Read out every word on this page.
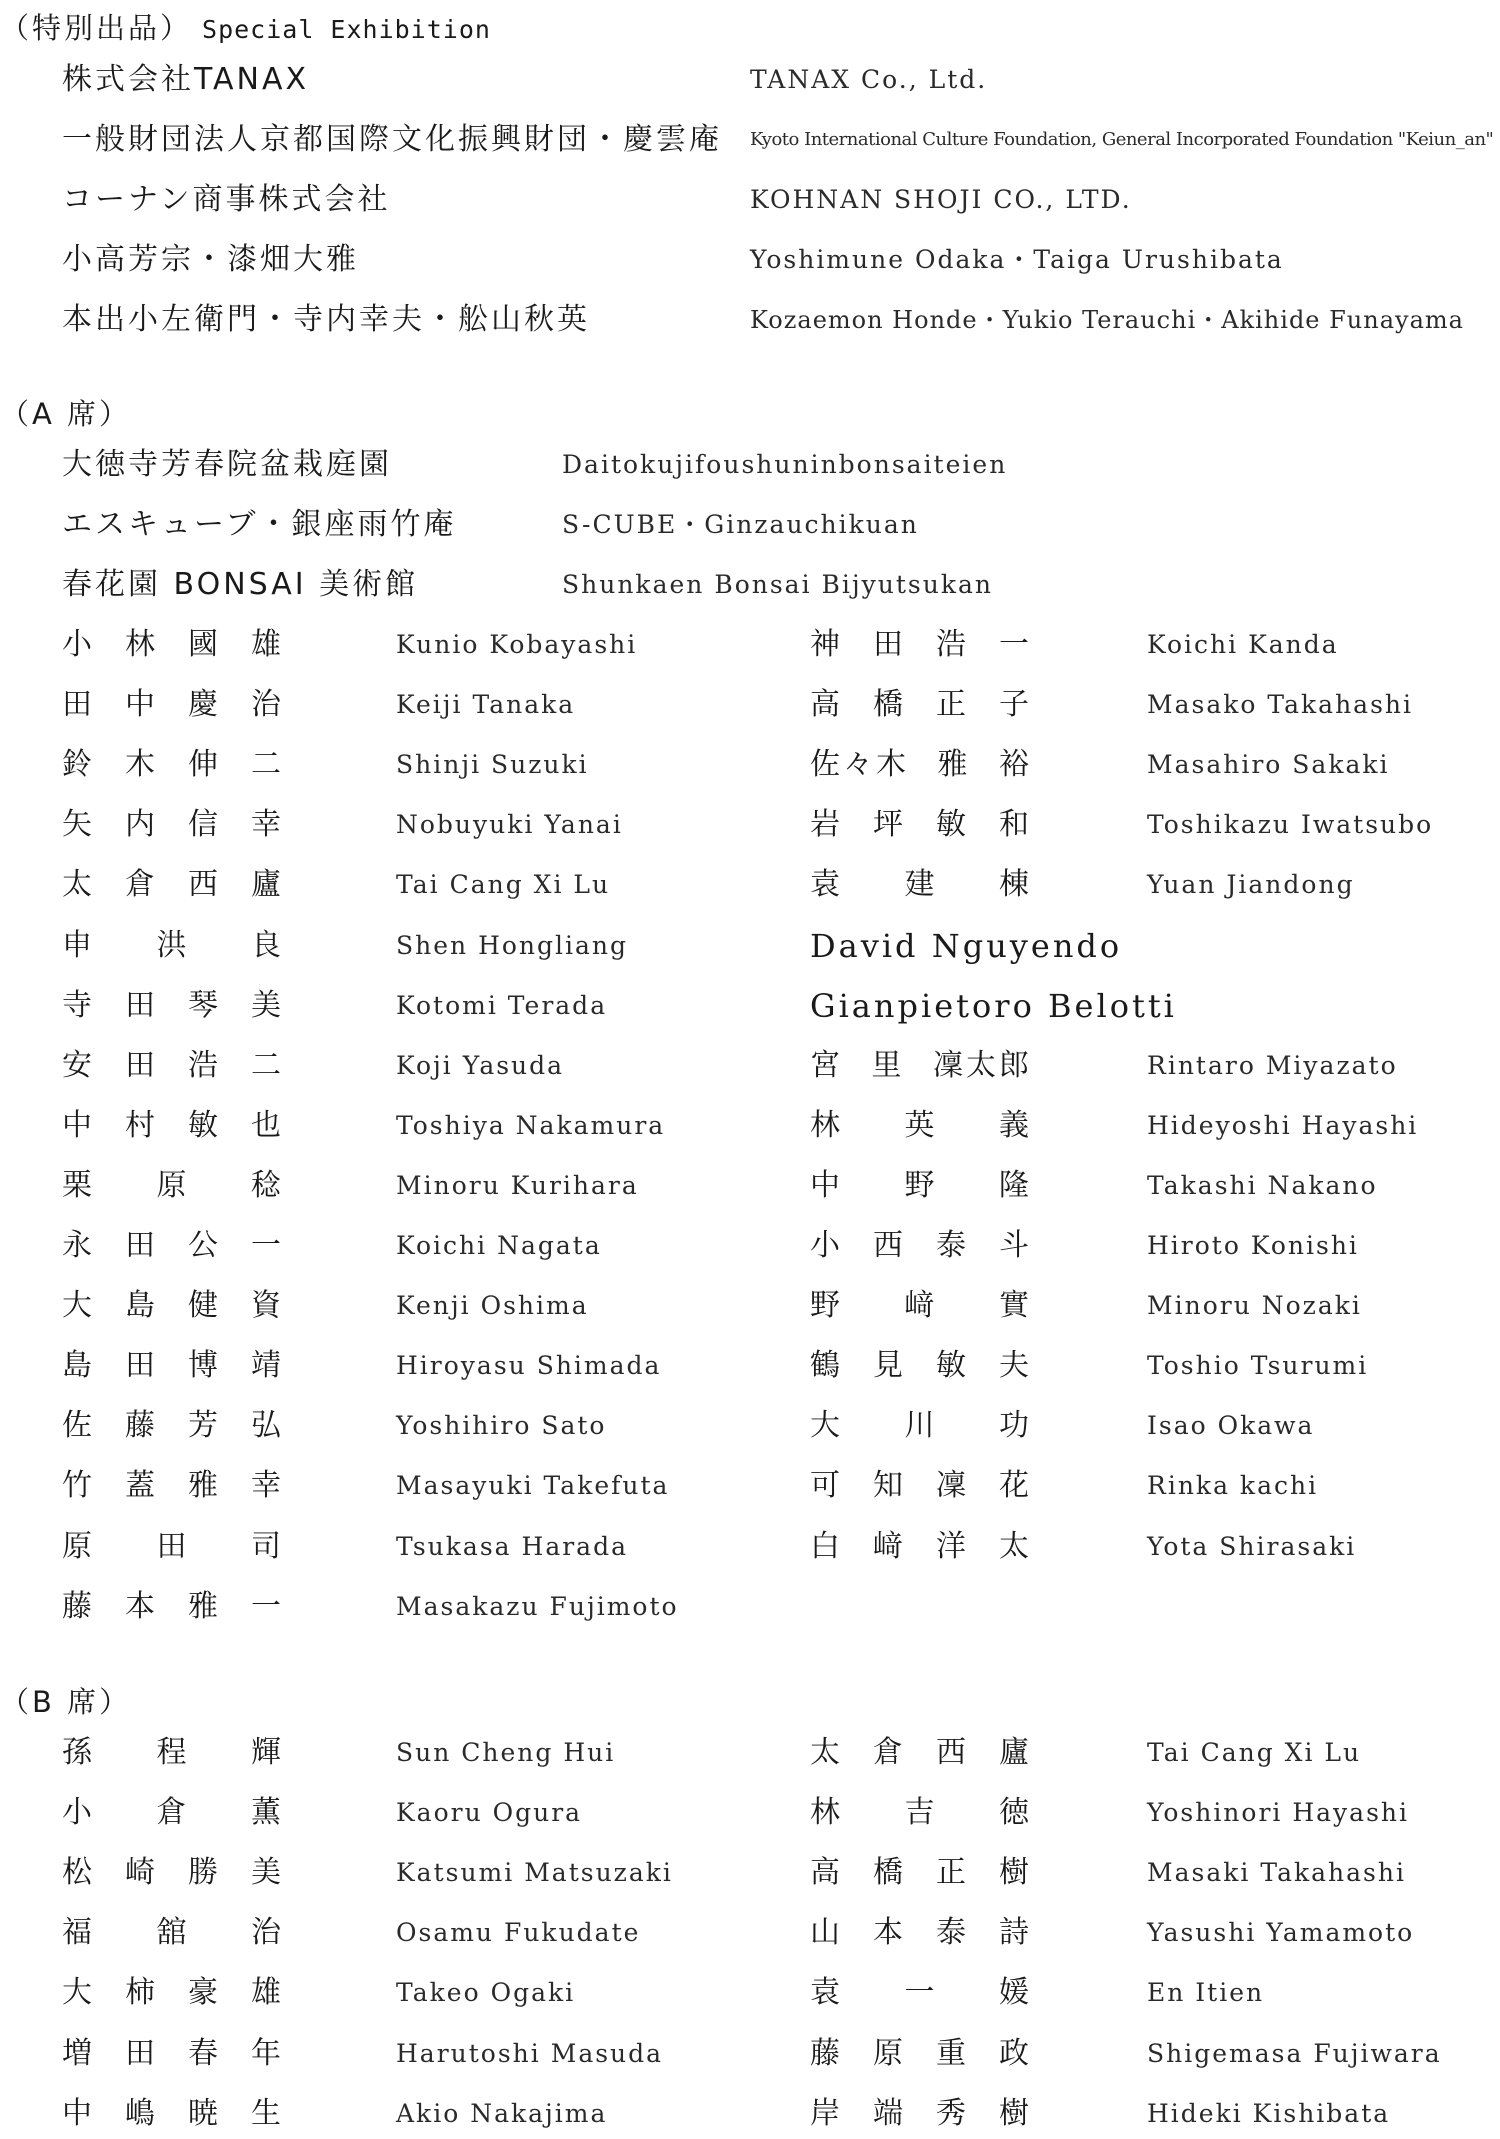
（特別出品） Special Exhibition
株式会社TANAX	TANAX Co., Ltd.
一般財団法人京都国際文化振興財団・慶雲庵 Kyoto International Culture Foundation, General Incorporated Foundation "Keiun_an"
コーナン商事株式会社	KOHNAN SHOJI CO., LTD.
小高芳宗・漆畑大雅	Yoshimune Odaka・Taiga Urushibata
本出小左衛門・寺内幸夫・舩山秋英	Kozaemon Honde・Yukio Terauchi・Akihide Funayama
（A 席）
大徳寺芳春院盆栽庭園	Daitokujifoushuninbonsaiteien
エスキューブ・銀座雨竹庵	S-CUBE・Ginzauchikuan
春花園 BONSAI 美術館	Shunkaen Bonsai Bijyutsukan
小 林 國 雄	Kunio Kobayashi	神 田 浩 一	Koichi Kanda
田 中 慶 治	Keiji Tanaka	高 橋 正 子	Masako Takahashi
鈴 木 伸 二	Shinji Suzuki	佐々木 雅 裕	Masahiro Sakaki
矢 内 信 幸	Nobuyuki Yanai	岩 坪 敏 和	Toshikazu Iwatsubo
太 倉 西 廬	Tai Cang Xi Lu	袁 建 棟	Yuan Jiandong
申 洪 良	Shen Hongliang	David Nguyendo
寺 田 琴 美	Kotomi Terada	Gianpietoro Belotti
安 田 浩 二	Koji Yasuda	宮 里 凜太郎	Rintaro Miyazato
中 村 敏 也	Toshiya Nakamura	林 英 義	Hideyoshi Hayashi
栗 原 稔	Minoru Kurihara	中 野 隆	Takashi Nakano
永 田 公 一	Koichi Nagata	小 西 泰 斗	Hiroto Konishi
大 島 健 資	Kenji Oshima	野 﨑 實	Minoru Nozaki
島 田 博 靖	Hiroyasu Shimada	鶴 見 敏 夫	Toshio Tsurumi
佐 藤 芳 弘	Yoshihiro Sato	大 川 功	Isao Okawa
竹 蓋 雅 幸	Masayuki Takefuta	可 知 凜 花	Rinka kachi
原 田 司	Tsukasa Harada	白 﨑 洋 太	Yota Shirasaki
藤 本 雅 一	Masakazu Fujimoto
（B 席）
孫 程 輝	Sun Cheng Hui	太 倉 西 廬	Tai Cang Xi Lu
小 倉 薫	Kaoru Ogura	林 吉 徳	Yoshinori Hayashi
松 崎 勝 美	Katsumi Matsuzaki	高 橋 正 樹	Masaki Takahashi
福 舘 治	Osamu Fukudate	山 本 泰 詩	Yasushi Yamamoto
大 柿 豪 雄	Takeo Ogaki	袁 一 媛	En Itien
増 田 春 年	Harutoshi Masuda	藤 原 重 政	Shigemasa Fujiwara
中 嶋 暁 生	Akio Nakajima	岸 端 秀 樹	Hideki Kishibata
